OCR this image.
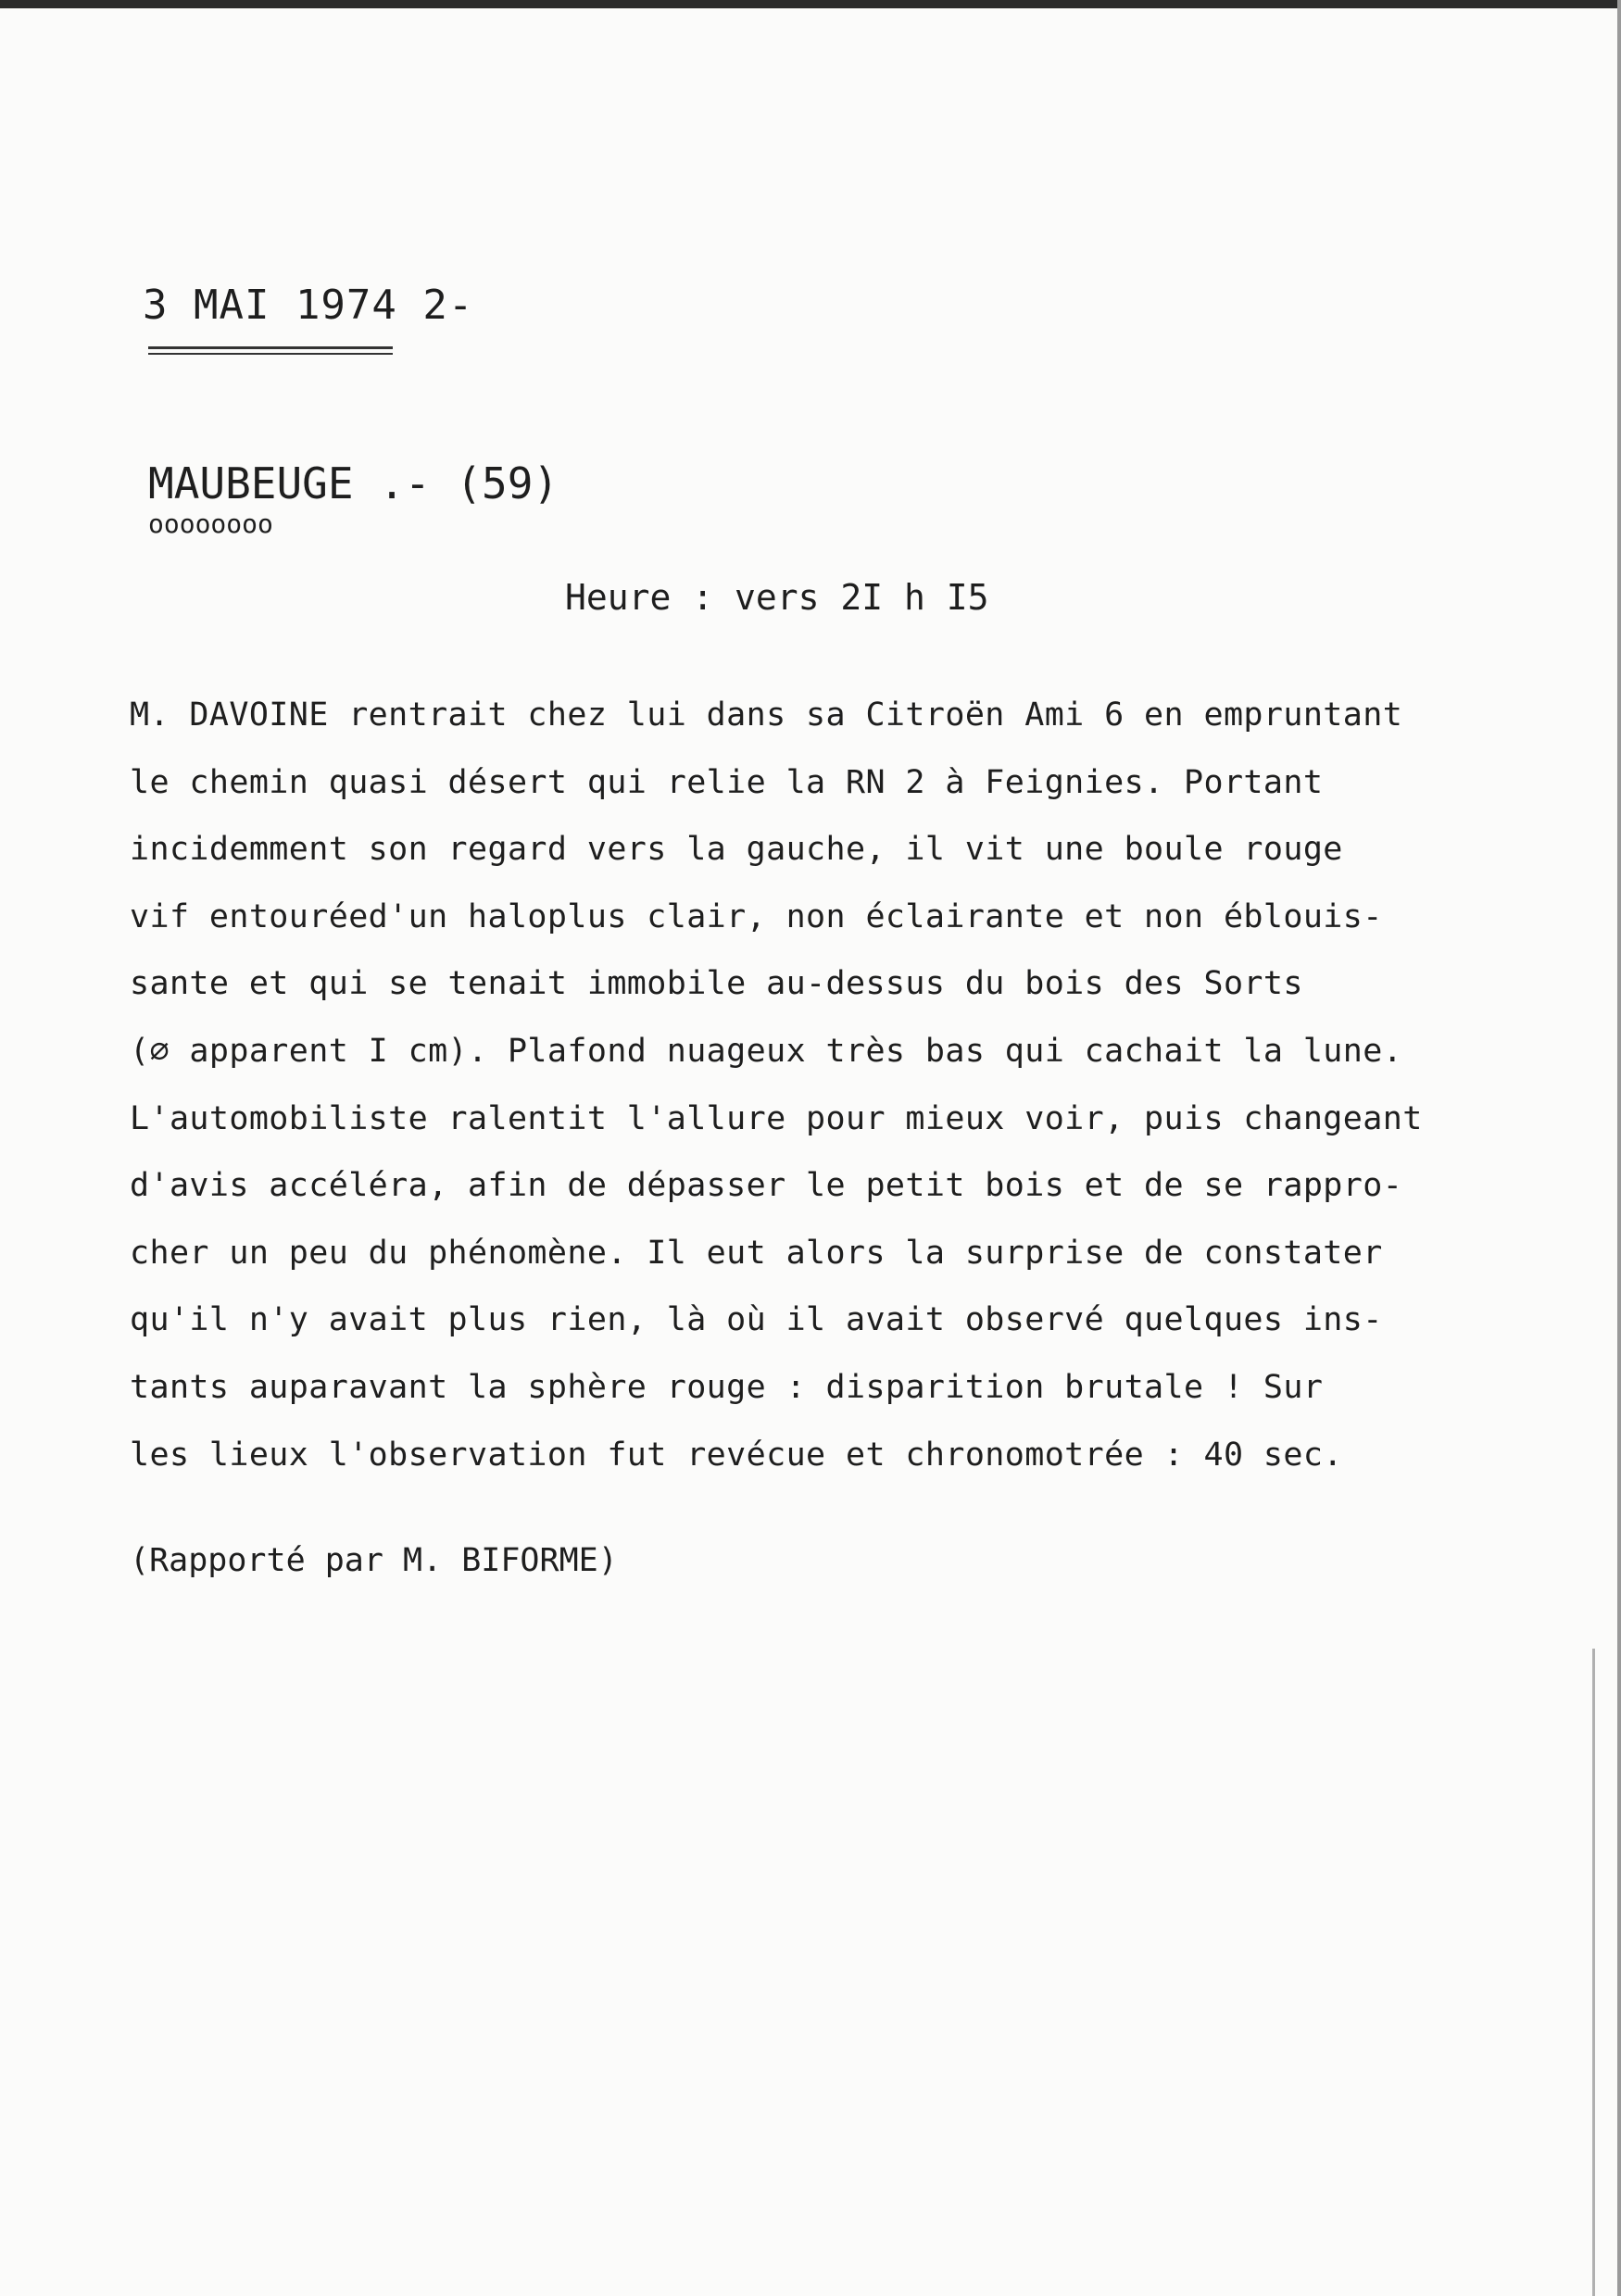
3 MAI 1974 2-
MAUBEUGE .- (59)
oooooooo
Heure : vers 2I h I5
M. DAVOINE rentrait chez lui dans sa Citroën Ami 6 en empruntant
le chemin quasi désert qui relie la RN 2 à Feignies. Portant
incidemment son regard vers la gauche, il vit une boule rouge
vif entouréed'un haloplus clair, non éclairante et non éblouis-
sante et qui se tenait immobile au-dessus du bois des Sorts
(∅ apparent I cm). Plafond nuageux très bas qui cachait la lune.
L'automobiliste ralentit l'allure pour mieux voir, puis changeant
d'avis accéléra, afin de dépasser le petit bois et de se rappro-
cher un peu du phénomène. Il eut alors la surprise de constater
qu'il n'y avait plus rien, là où il avait observé quelques ins-
tants auparavant la sphère rouge : disparition brutale ! Sur
les lieux l'observation fut revécue et chronomotrée : 40 sec.
(Rapporté par M. BIFORME)
